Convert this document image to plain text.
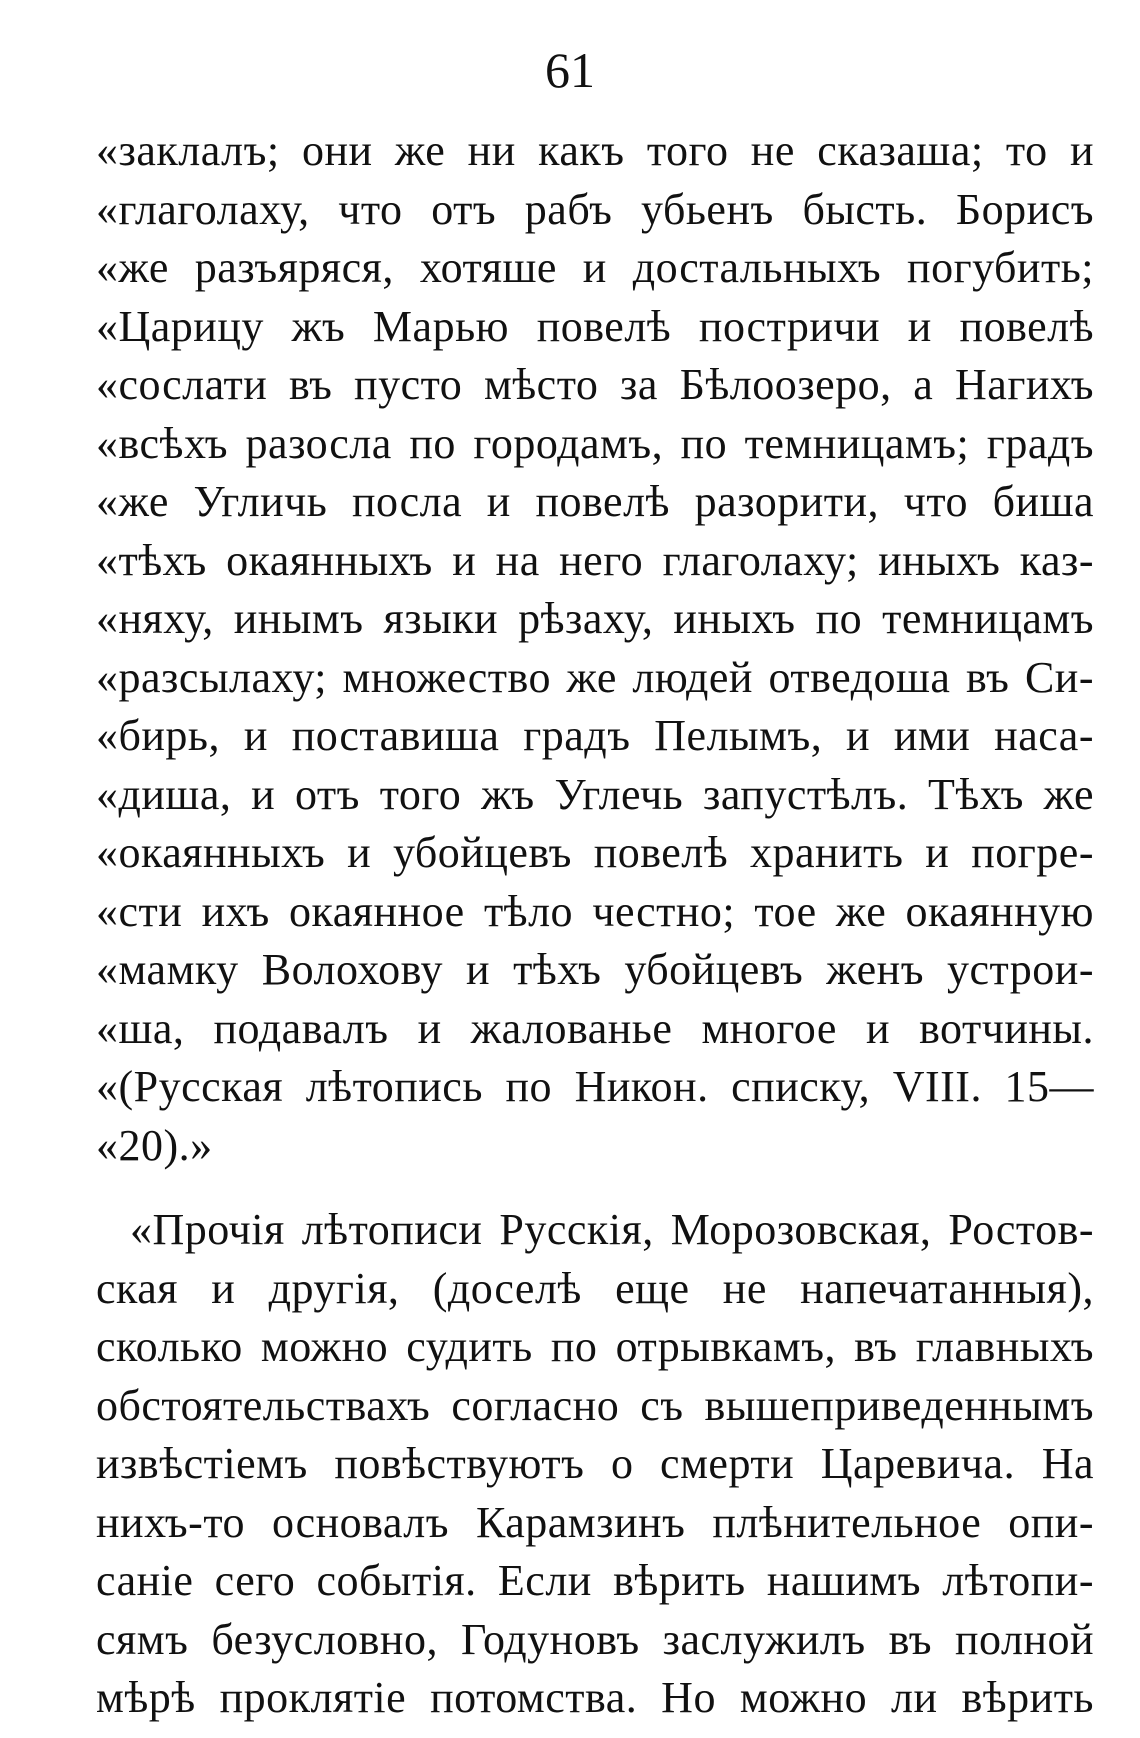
61
«заклалъ; они же ни какъ того не сказаша; то и
«глаголаху, что отъ рабъ убьенъ бысть. Борисъ
«же разъяряся, хотяше и достальныхъ погубить;
«Царицу жъ Марью повелѣ постричи и повелѣ
«сослати въ пусто мѣсто за Бѣлоозеро, а Нагихъ
«всѣхъ разосла по городамъ, по темницамъ; градъ
«же Угличь посла и повелѣ разорити, что биша
«тѣхъ окаянныхъ и на него глаголаху; иныхъ каз-
«няху, инымъ языки рѣзаху, иныхъ по темницамъ
«разсылаху; множество же людей отведоша въ Си-
«бирь, и поставиша градъ Пелымъ, и ими наса-
«диша, и отъ того жъ Углечь запустѣлъ. Тѣхъ же
«окаянныхъ и убойцевъ повелѣ хранить и погре-
«сти ихъ окаянное тѣло честно; тое же окаянную
«мамку Волохову и тѣхъ убойцевъ женъ устрои-
«ша, подавалъ и жалованье многое и вотчины.
«(Русская лѣтопись по Никон. списку, VIII. 15—
«20).»
«Прочія лѣтописи Русскія, Морозовская, Ростов-
ская и другія, (доселѣ еще не напечатанныя),
сколько можно судить по отрывкамъ, въ главныхъ
обстоятельствахъ согласно съ вышеприведеннымъ
извѣстіемъ повѣствуютъ о смерти Царевича. На
нихъ-то основалъ Карамзинъ плѣнительное опи-
саніе сего событія. Если вѣрить нашимъ лѣтопи-
сямъ безусловно, Годуновъ заслужилъ въ полной
мѣрѣ проклятіе потомства. Но можно ли вѣрить
